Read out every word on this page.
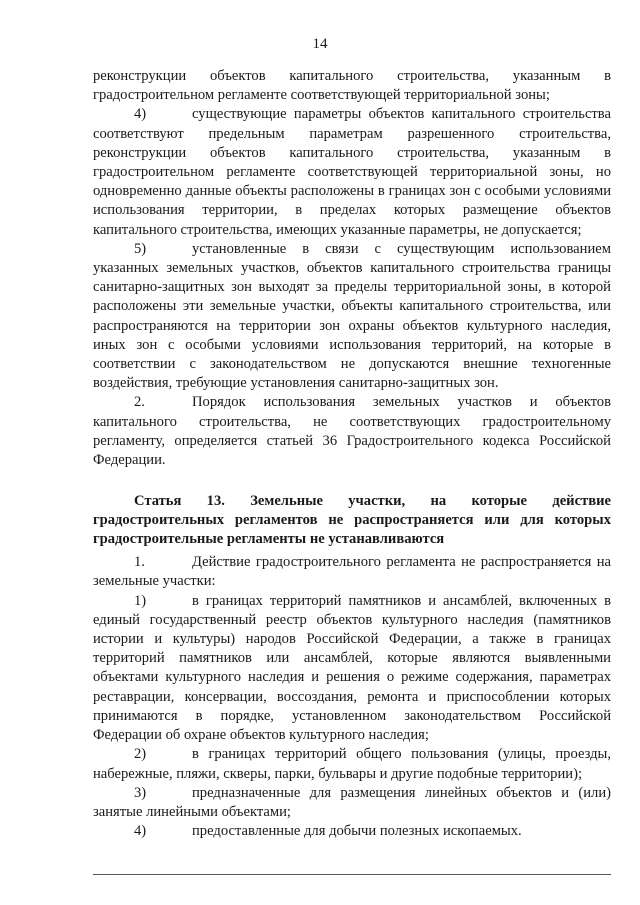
14

реконструкции объектов капитального строительства, указанным в градостроительном регламенте соответствующей территориальной зоны;

4)	существующие параметры объектов капитального строительства соответствуют предельным параметрам разрешенного строительства, реконструкции объектов капитального строительства, указанным в градостроительном регламенте соответствующей территориальной зоны, но одновременно данные объекты расположены в границах зон с особыми условиями использования территории, в пределах которых размещение объектов капитального строительства, имеющих указанные параметры, не допускается;

5)	установленные в связи с существующим использованием указанных земельных участков, объектов капитального строительства границы санитарно-защитных зон выходят за пределы территориальной зоны, в которой расположены эти земельные участки, объекты капитального строительства, или распространяются на территории зон охраны объектов культурного наследия, иных зон с особыми условиями использования территорий, на которые в соответствии с законодательством не допускаются внешние техногенные воздействия, требующие установления санитарно-защитных зон.

2.	Порядок использования земельных участков и объектов капитального строительства, не соответствующих градостроительному регламенту, определяется статьей 36 Градостроительного кодекса Российской Федерации.

Статья 13. Земельные участки, на которые действие градостроительных регламентов не распространяется или для которых градостроительные регламенты не устанавливаются

1.	Действие градостроительного регламента не распространяется на земельные участки:

1)	в границах территорий памятников и ансамблей, включенных в единый государственный реестр объектов культурного наследия (памятников истории и культуры) народов Российской Федерации, а также в границах территорий памятников или ансамблей, которые являются выявленными объектами культурного наследия и решения о режиме содержания, параметрах реставрации, консервации, воссоздания, ремонта и приспособлении которых принимаются в порядке, установленном законодательством Российской Федерации об охране объектов культурного наследия;

2)	в границах территорий общего пользования (улицы, проезды, набережные, пляжи, скверы, парки, бульвары и другие подобные территории);

3)	предназначенные для размещения линейных объектов и (или) занятые линейными объектами;

4)	предоставленные для добычи полезных ископаемых.
